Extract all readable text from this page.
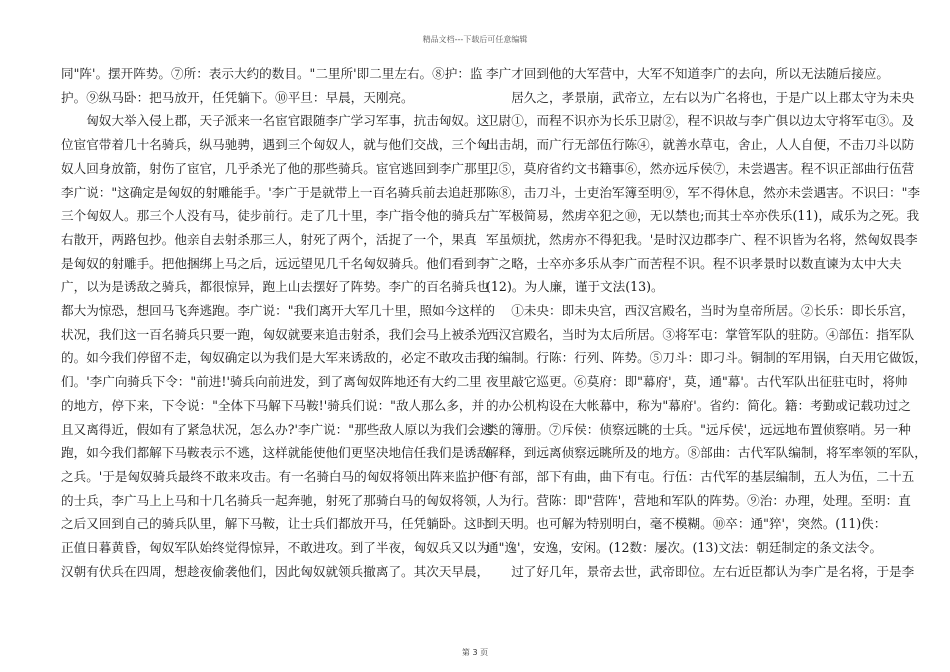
精品文档---下载后可任意编辑
同"阵'。摆开阵势。⑦所：表示大约的数目。"二里所'即二里左右。⑧护：监
护。⑨纵马卧：把马放开，任凭躺下。⑩平旦：早晨，天刚亮。
　　匈奴大举入侵上郡，天子派来一名宦官跟随李广学习军事，抗击匈奴。这
位宦官带着几十名骑兵，纵马驰骋，遇到三个匈奴人，就与他们交战，三个匈
奴人回身放箭，射伤了宦官，几乎杀光了他的那些骑兵。宦官逃回到李广那里，
李广说："这确定是匈奴的射雕能手。'李广于是就带上一百名骑兵前去追赶那
三个匈奴人。那三个人没有马，徒步前行。走了几十里，李广指令他的骑兵左
右散开，两路包抄。他亲自去射杀那三人，射死了两个，活捉了一个，果真
是匈奴的射雕手。把他捆绑上马之后，远远望见几千名匈奴骑兵。他们看到李
广，以为是诱敌之骑兵，都很惊异，跑上山去摆好了阵势。李广的百名骑兵也
都大为惊恐，想回马飞奔逃跑。李广说："我们离开大军几十里，照如今这样的
状况，我们这一百名骑兵只要一跑，匈奴就要来追击射杀，我们会马上被杀光
的。如今我们停留不走，匈奴确定以为我们是大军来诱敌的，必定不敢攻击我
们。'李广向骑兵下令："前进!'骑兵向前进发，到了离匈奴阵地还有大约二里
的地方，停下来，下令说："全体下马解下马鞍!'骑兵们说："敌人那么多，并
且又离得近，假如有了紧急状况，怎么办?'李广说："那些敌人原以为我们会逃
跑，如今我们都解下马鞍表示不逃，这样就能使他们更坚决地信任我们是诱敌
之兵。'于是匈奴骑兵最终不敢来攻击。有一名骑白马的匈奴将领出阵来监护他
的士兵，李广马上上马和十几名骑兵一起奔驰，射死了那骑白马的匈奴将领，
之后又回到自己的骑兵队里，解下马鞍，让士兵们都放开马，任凭躺卧。这时
正值日暮黄昏，匈奴军队始终觉得惊异，不敢进攻。到了半夜，匈奴兵又以为
汉朝有伏兵在四周，想趁夜偷袭他们，因此匈奴就领兵撤离了。其次天早晨，
李广才回到他的大军营中，大军不知道李广的去向，所以无法随后接应。
　　居久之，孝景崩，武帝立，左右以为广名将也，于是广以上郡太守为未央
卫尉①，而程不识亦为长乐卫尉②，程不识故与李广俱以边太守将军屯③。及
出击胡，而广行无部伍行陈④，就善水草屯，舍止，人人自便，不击刀斗以防
卫⑤，莫府省约文书籍事⑥，然亦远斥侯⑦，未尝遇害。程不识正部曲行伍营
陈⑧，击刀斗，士吏治军簿至明⑨，军不得休息，然亦未尝遇害。不识曰："李
广军极简易，然虏卒犯之⑩，无以禁也;而其士卒亦佚乐(11)，咸乐为之死。我
军虽烦扰，然虏亦不得犯我。'是时汉边郡李广、程不识皆为名将，然匈奴畏李
广之略，士卒亦多乐从李广而苦程不识。程不识孝景时以数直谏为太中大夫
(12)。为人廉，谨于文法(13)。
　　①未央：即未央宫，西汉宫殿名，当时为皇帝所居。②长乐：即长乐宫，
西汉宫殿名，当时为太后所居。③将军屯：掌管军队的驻防。④部伍：指军队
的编制。行陈：行列、阵势。⑤刀斗：即刁斗。铜制的军用锅，白天用它做饭，
夜里敲它巡更。⑥莫府：即"幕府'，莫，通"幕'。古代军队出征驻屯时，将帅
的办公机构设在大帐幕中，称为"幕府'。省约：简化。籍：考勤或记载功过之
类的簿册。⑦斥侯：侦察远眺的士兵。"远斥侯'，远远地布置侦察哨。另一种
解释，到远离侦察远眺所及的地方。⑧部曲：古代军队编制，将军率领的军队，
下有部，部下有曲，曲下有屯。行伍：古代军的基层编制，五人为伍，二十五
人为行。营陈：即"营阵'，营地和军队的阵势。⑨治：办理，处理。至明：直
到天明。也可解为特别明白，毫不模糊。⑩卒：通"猝'，突然。(11)佚：
通"逸'，安逸，安闲。(12数：屡次。(13)文法：朝廷制定的条文法令。
　　过了好几年，景帝去世，武帝即位。左右近臣都认为李广是名将，于是李
第 3 页
